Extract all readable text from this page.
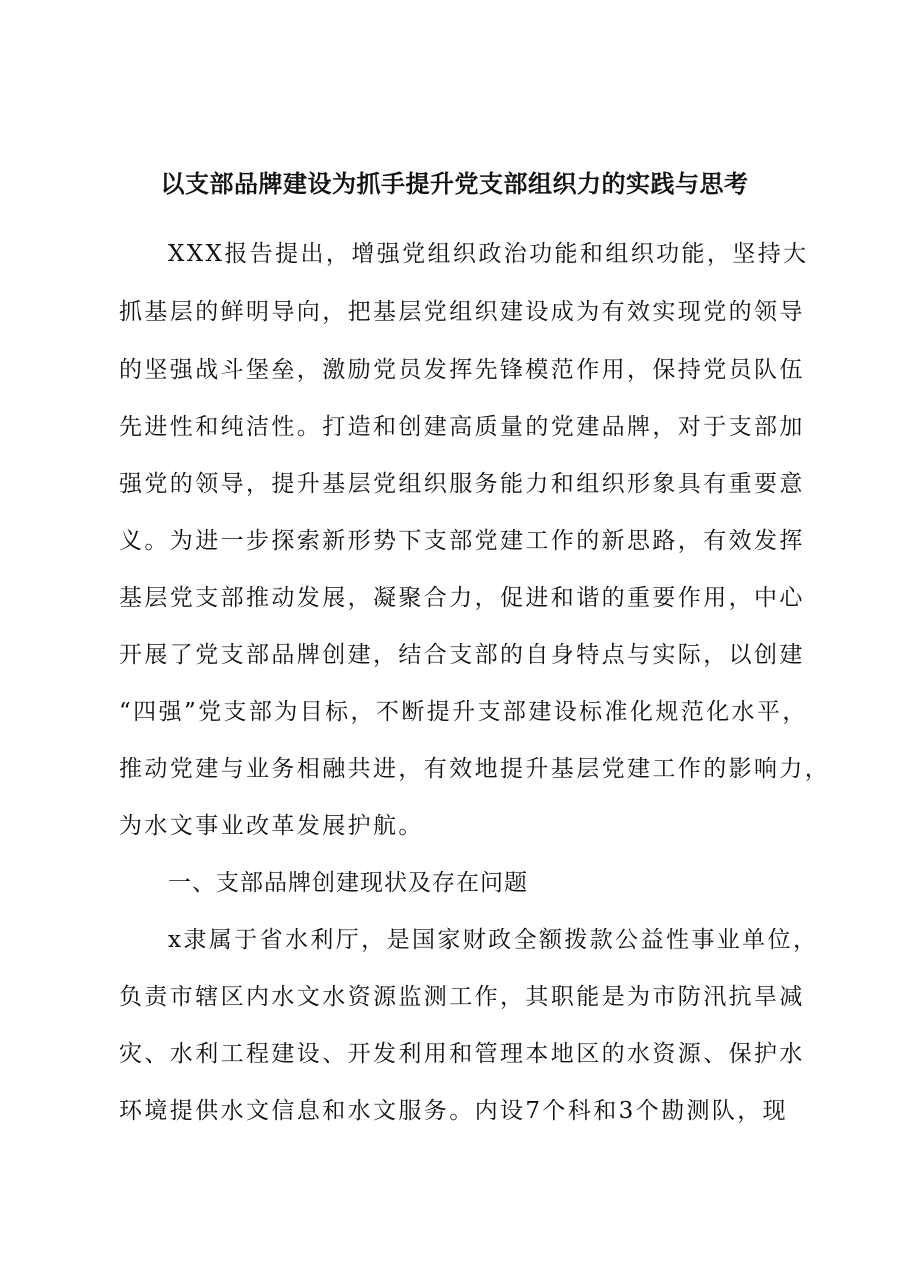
以支部品牌建设为抓手提升党支部组织力的实践与思考
XXX报告提出，增强党组织政治功能和组织功能，坚持大
抓基层的鲜明导向，把基层党组织建设成为有效实现党的领导
的坚强战斗堡垒，激励党员发挥先锋模范作用，保持党员队伍
先进性和纯洁性。打造和创建高质量的党建品牌，对于支部加
强党的领导，提升基层党组织服务能力和组织形象具有重要意
义。为进一步探索新形势下支部党建工作的新思路，有效发挥
基层党支部推动发展，凝聚合力，促进和谐的重要作用，中心
开展了党支部品牌创建，结合支部的自身特点与实际，以创建
“四强”党支部为目标，不断提升支部建设标准化规范化水平，
推动党建与业务相融共进，有效地提升基层党建工作的影响力，
为水文事业改革发展护航。
一、支部品牌创建现状及存在问题
x隶属于省水利厅，是国家财政全额拨款公益性事业单位，
负责市辖区内水文水资源监测工作，其职能是为市防汛抗旱减
灾、水利工程建设、开发利用和管理本地区的水资源、保护水
环境提供水文信息和水文服务。内设7个科和3个勘测队，现
